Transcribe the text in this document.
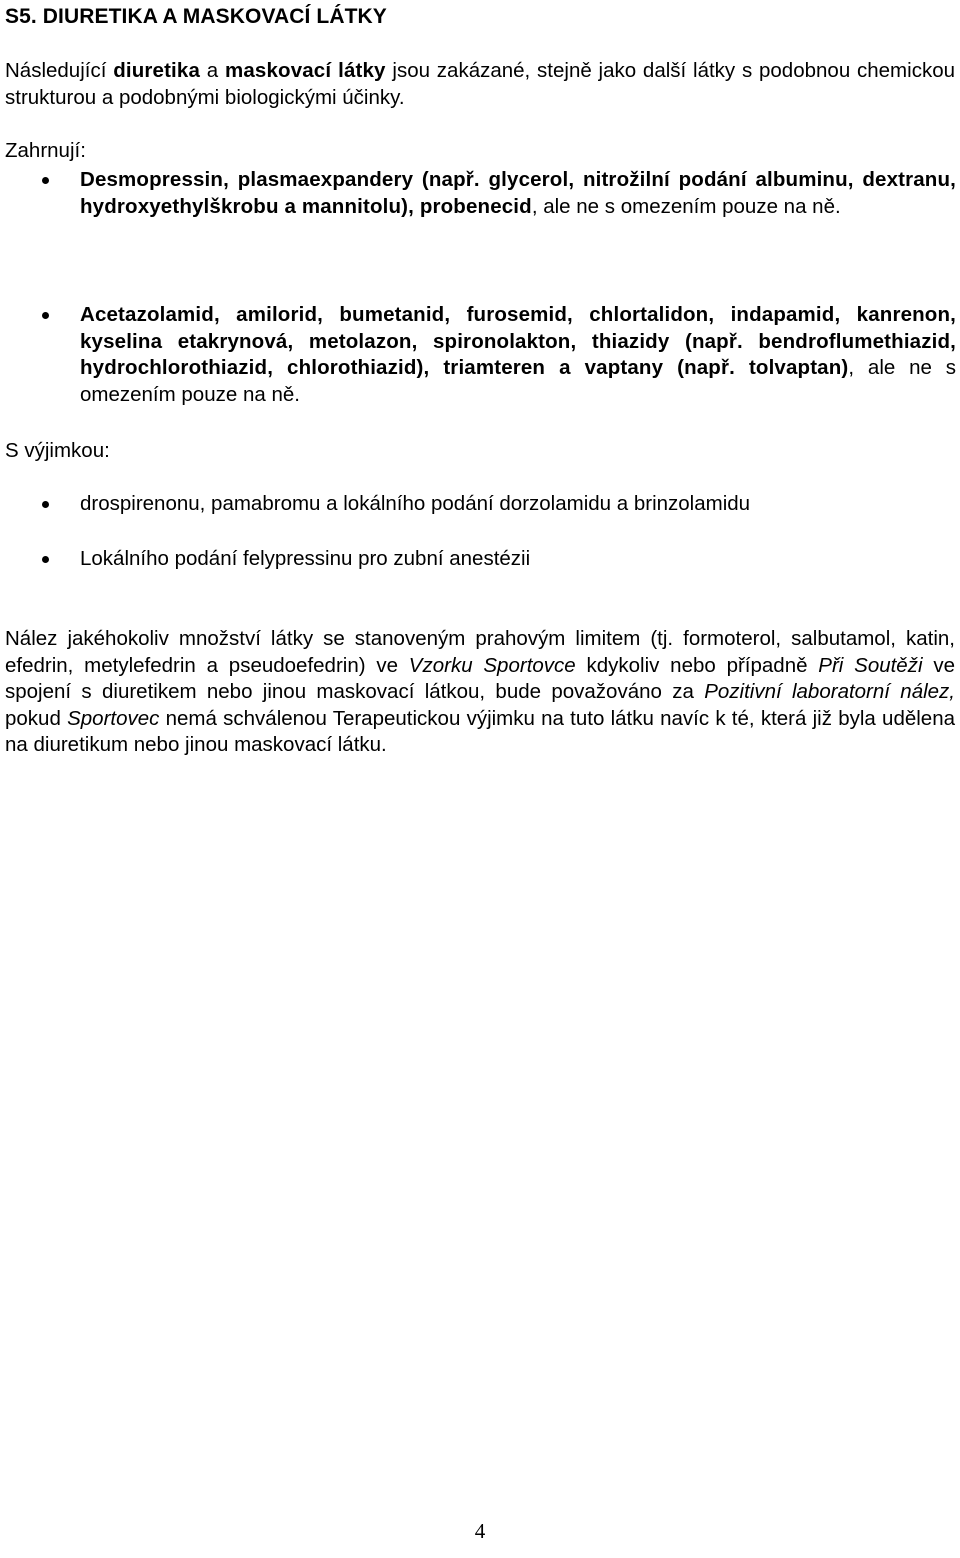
S5. DIURETIKA A MASKOVACÍ LÁTKY

Následující diuretika a maskovací látky jsou zakázané, stejně jako další látky s podobnou chemickou strukturou a podobnými biologickými účinky.

Zahrnují:

Desmopressin, plasmaexpandery (např. glycerol, nitrožilní podání albuminu, dextranu, hydroxyethylškrobu a mannitolu), probenecid, ale ne s omezením pouze na ně.

Acetazolamid, amilorid, bumetanid, furosemid, chlortalidon, indapamid, kanrenon, kyselina etakrynová, metolazon, spironolakton, thiazidy (např. bendroflumethiazid, hydrochlorothiazid, chlorothiazid), triamteren a vaptany (např. tolvaptan), ale ne s omezením pouze na ně.

S výjimkou:

drospirenonu, pamabromu a lokálního podání dorzolamidu a brinzolamidu

Lokálního podání felypressinu pro zubní anestézii

Nález jakéhokoliv množství látky se stanoveným prahovým limitem (tj. formoterol, salbutamol, katin, efedrin, metylefedrin a pseudoefedrin) ve Vzorku Sportovce kdykoliv nebo případně Při Soutěži ve spojení s diuretikem nebo jinou maskovací látkou, bude považováno za Pozitivní laboratorní nález, pokud Sportovec nemá schválenou Terapeutickou výjimku na tuto látku navíc k té, která již byla udělena na diuretikum nebo jinou maskovací látku.

4
